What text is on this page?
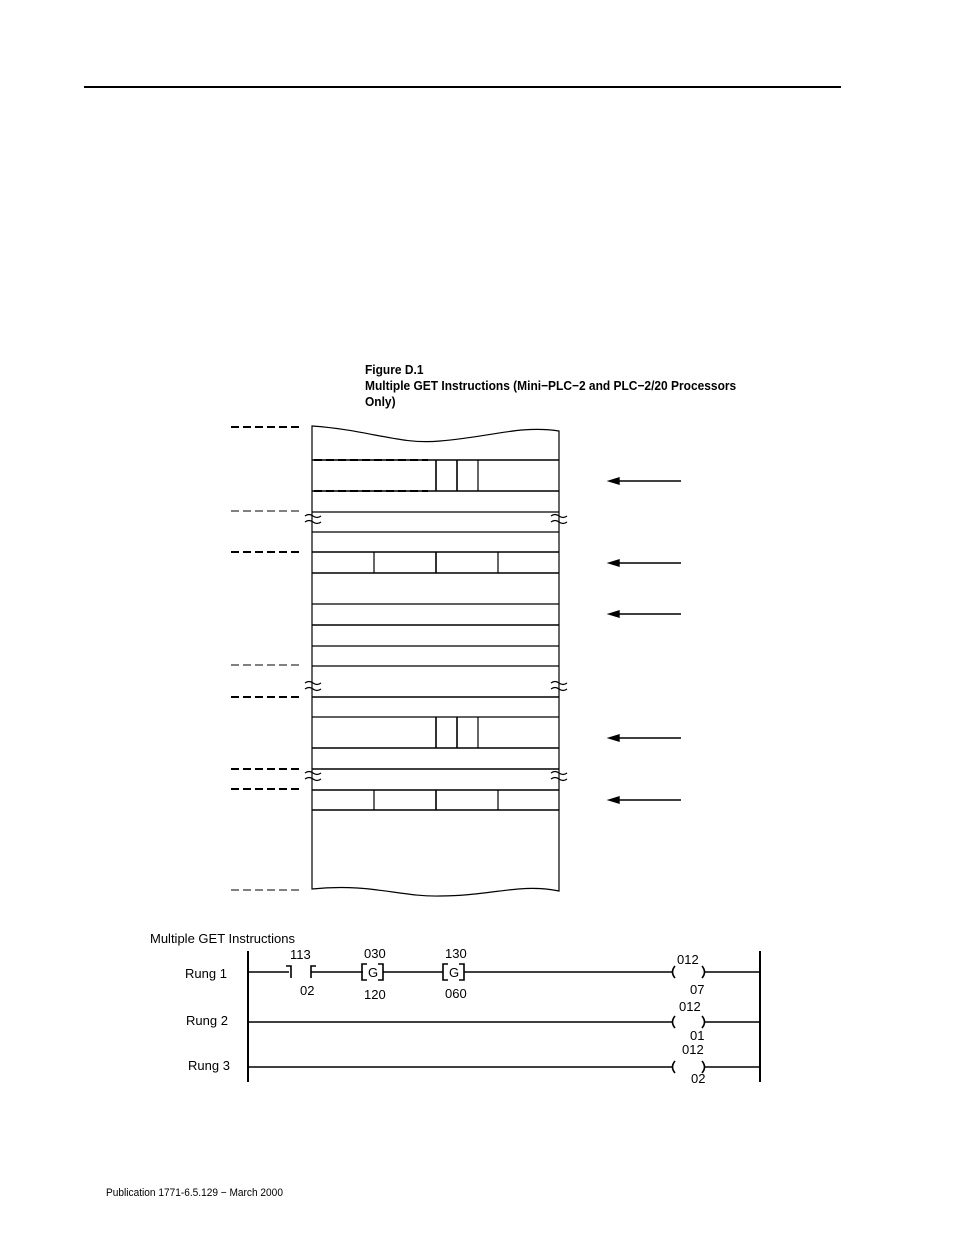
Figure D.1
Multiple GET Instructions (Mini−PLC−2 and PLC−2/20 Processors
Only)
Multiple GET Instructions
Rung 1
Rung 2
Rung 3
113
02
030
G
120
130
G
060
012
07
012
01
012
02
Publication 1771-6.5.129 − March 2000
